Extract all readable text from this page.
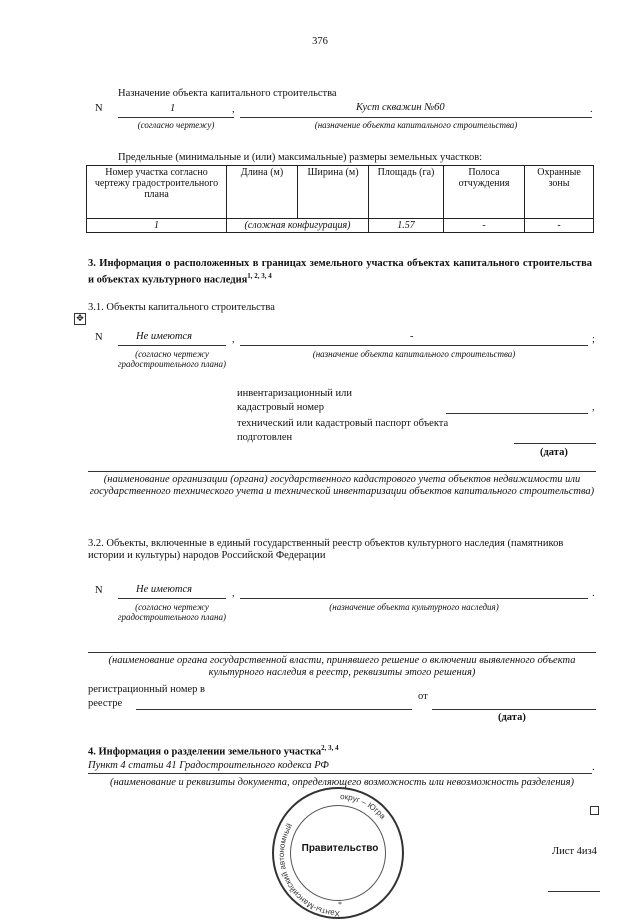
376
Назначение объекта капитального строительства
N	1	,	Куст скважин №60	.
(согласно чертежу)	(назначение объекта капитального строительства)
Предельные (минимальные и (или) максимальные) размеры земельных участков:
Номер участка согласно чертежу градостроительного плана	Длина (м)	Ширина (м)	Площадь (га)	Полоса отчуждения	Охранные зоны
1	(сложная конфигурация)		1.57	-	-
3. Информация о расположенных в границах земельного участка объектах капитального строительства и объектах культурного наследия$^{1, 2, 3, 4}$
3.1. Объекты капитального строительства
✥
N	Не имеются	,	-	;
(согласно чертежу градостроительного плана)
(назначение объекта капитального строительства)
инвентаризационный или
кадастровый номер	,
технический или кадастровый паспорт объекта
подготовлен
(дата)
(наименование организации (органа) государственного кадастрового учета объектов недвижимости или государственного технического учета и технической инвентаризации объектов капитального строительства)
3.2. Объекты, включенные в единый государственный реестр объектов культурного наследия (памятников истории и культуры) народов Российской Федерации
N	Не имеются	,	.
(согласно чертежу градостроительного плана)
(назначение объекта культурного наследия)
(наименование органа государственной власти, принявшего решение о включении выявленного объекта культурного наследия в реестр, реквизиты этого решения)
регистрационный номер в
реестре
от
(дата)
4. Информация о разделении земельного участка$^{2, 3, 4}$
Пункт 4 статьи 41 Градостроительного кодекса РФ	.
(наименование и реквизиты документа, определяющего возможность или невозможность разделения)
Ханты-Мансийский автономный
округ – Югра
*
Правительство	Лист 4из4
